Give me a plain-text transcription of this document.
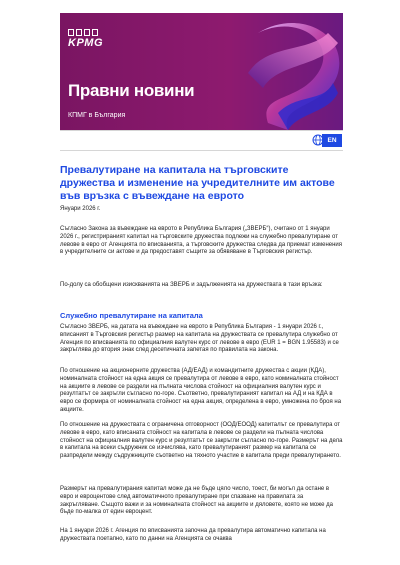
KPMG
Правни новини
КПМГ в България
EN
Превалутиране на капитала на търговските дружества и изменение на учредителните им актове във връзка с въвеждане на еврото
Януари 2026 г.
Съгласно Закона за въвеждане на еврото в Република България („ЗВЕРБ“), считано от 1 януари 2026 г., регистрираният капитал на търговските дружества подлежи на служебно превалутиране от левове в евро от Агенцията по вписванията, а търговските дружества следва да приемат изменения в учредителните си актове и да предоставят същите за обявяване в Търговския регистър.
По-долу са обобщени изискванията на ЗВЕРБ и задълженията на дружествата в тази връзка:
Служебно превалутиране на капитала
Съгласно ЗВЕРБ, на датата на въвеждане на еврото в Република България - 1 януари 2026 г., вписаният в Търговския регистър размер на капитала на дружествата се превалутира служебно от Агенция по вписванията по официалния валутен курс от левове в евро (EUR 1 = BGN 1.95583) и се закръглява до втория знак след десетичната запетая по правилата на закона.
По отношение на акционерните дружества (АД/ЕАД) и командитните дружества с акции (КДА), номиналната стойност на една акция се превалутира от левове в евро, като номиналната стойност на акциите в левове се раздели на пълната числова стойност на официалния валутен курс и резултатът се закръгли съгласно по-горе. Съответно, превалутираният капитал на АД и на КДА в евро се формира от номиналната стойност на една акция, определена в евро, умножена по броя на акциите.
По отношение на дружествата с ограничена отговорност (ООД/ЕООД) капиталът се превалутира от левове в евро, като вписаната стойност на капитала в левове се раздели на пълната числова стойност на официалния валутен курс и резултатът се закръгли съгласно по-горе. Размерът на дела в капитала на всеки съдружник се изчислява, като превалутираният размер на капитала се разпредели между съдружниците съответно на тяхното участие в капитала преди превалутирането.
Размерът на превалутирания капитал може да не бъде цяло число, тоест, би могъл да остане в евро и евроцентове след автоматичното превалутиране при спазване на правилата за закръгляване. Същото важи и за номиналната стойност на акциите и дяловете, която не може да бъде по-малка от един евроцент.
На 1 януари 2026 г. Агенция по вписванията започна да превалутира автоматично капитала на дружествата поетапно, като по данни на Агенцията се очаква
